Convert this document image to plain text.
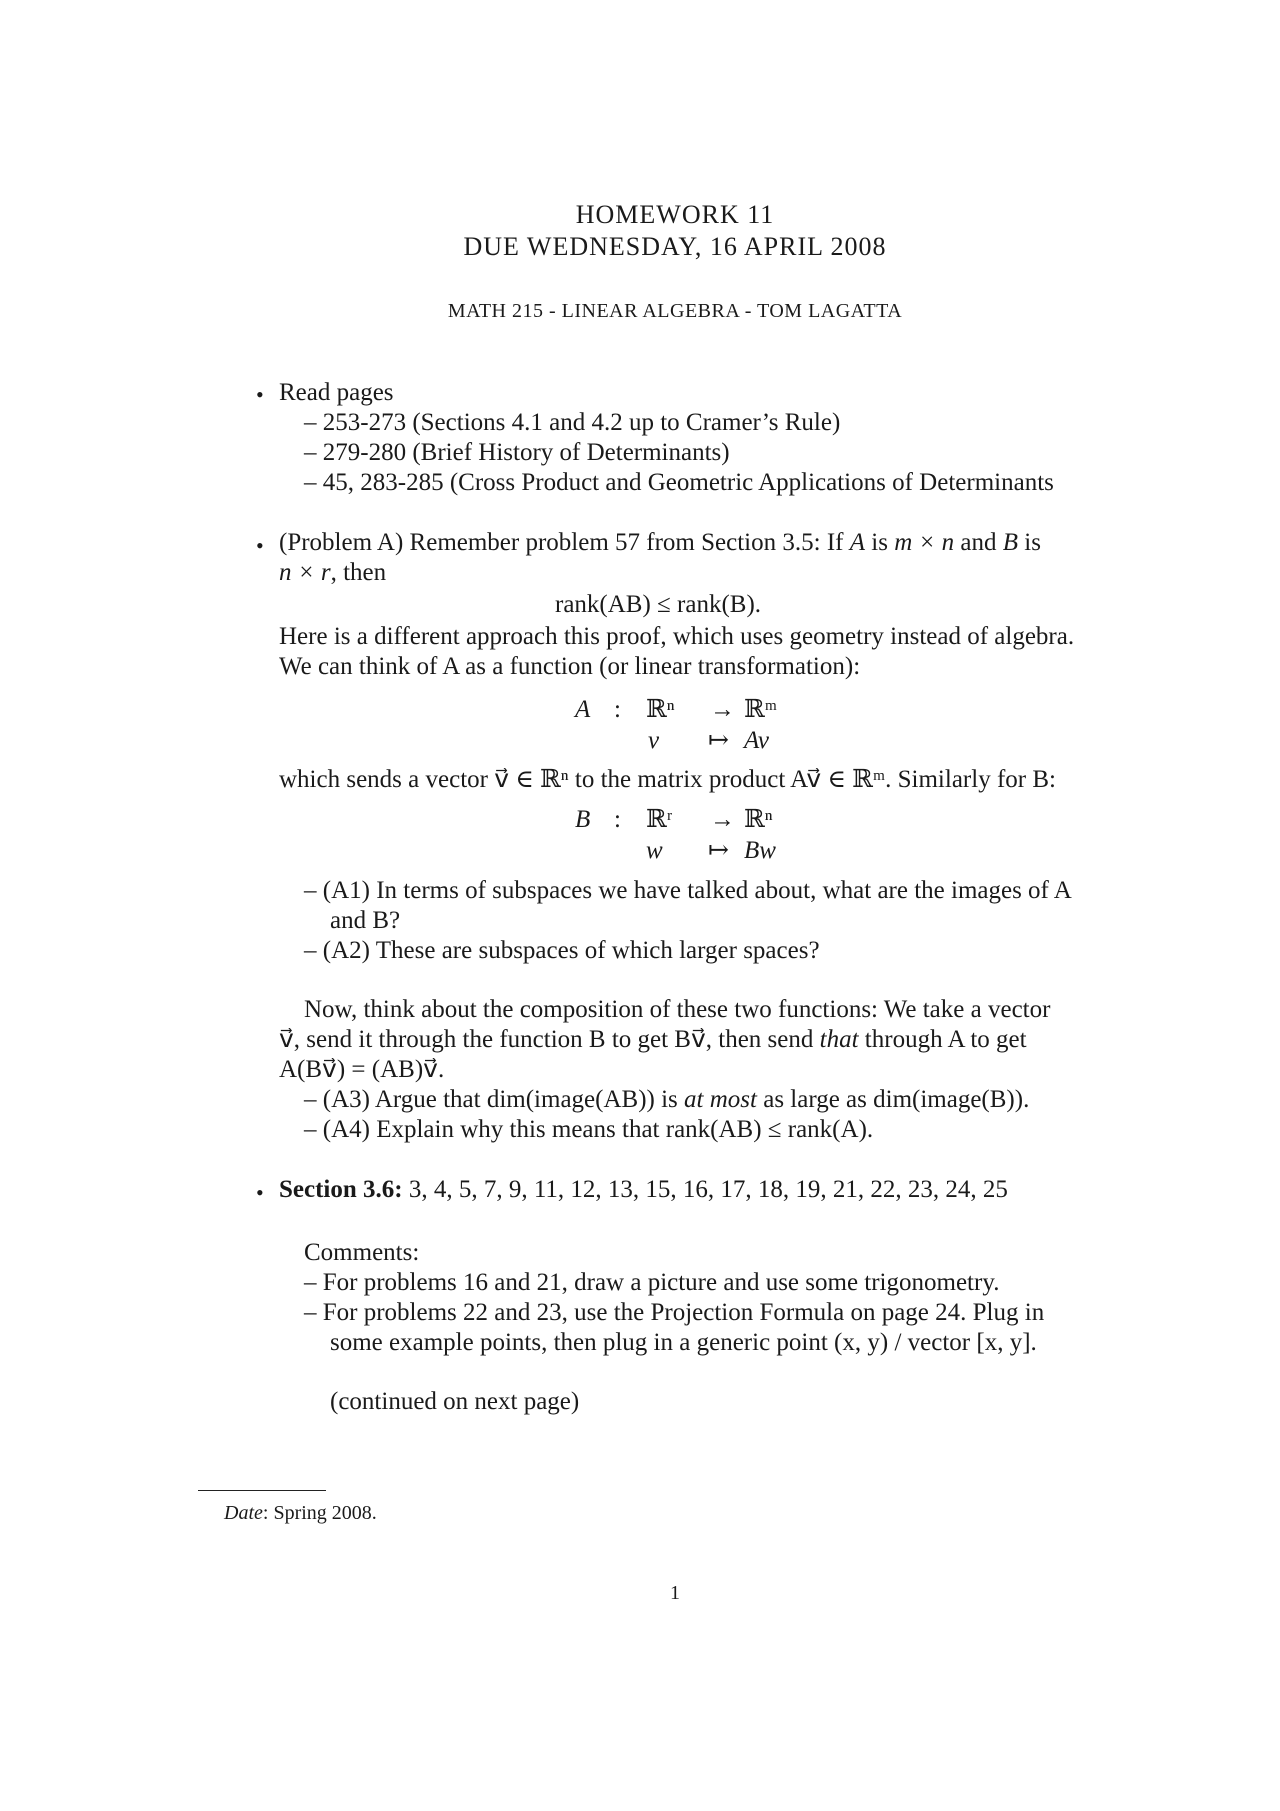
HOMEWORK 11
DUE WEDNESDAY, 16 APRIL 2008
MATH 215 - LINEAR ALGEBRA - TOM LAGATTA
• Read pages
– 253-273 (Sections 4.1 and 4.2 up to Cramer’s Rule)
– 279-280 (Brief History of Determinants)
– 45, 283-285 (Cross Product and Geometric Applications of Determinants
• (Problem A) Remember problem 57 from Section 3.5: If A is m × n and B is
n × r, then
rank(AB) ≤ rank(B).
Here is a different approach this proof, which uses geometry instead of algebra.
We can think of A as a function (or linear transformation):
A : ℝⁿ → ℝᵐ
v⃗ ↦ Av⃗
which sends a vector v⃗ ∈ ℝⁿ to the matrix product Av⃗ ∈ ℝᵐ. Similarly for B:
B : ℝʳ → ℝⁿ
w⃗ ↦ Bw⃗
– (A1) In terms of subspaces we have talked about, what are the images of A
and B?
– (A2) These are subspaces of which larger spaces?
Now, think about the composition of these two functions: We take a vector
v⃗, send it through the function B to get Bv⃗, then send that through A to get
A(Bv⃗) = (AB)v⃗.
– (A3) Argue that dim(image(AB)) is at most as large as dim(image(B)).
– (A4) Explain why this means that rank(AB) ≤ rank(A).
• Section 3.6: 3, 4, 5, 7, 9, 11, 12, 13, 15, 16, 17, 18, 19, 21, 22, 23, 24, 25
Comments:
– For problems 16 and 21, draw a picture and use some trigonometry.
– For problems 22 and 23, use the Projection Formula on page 24. Plug in
some example points, then plug in a generic point (x, y) / vector [x, y].
(continued on next page)
Date: Spring 2008.
1
